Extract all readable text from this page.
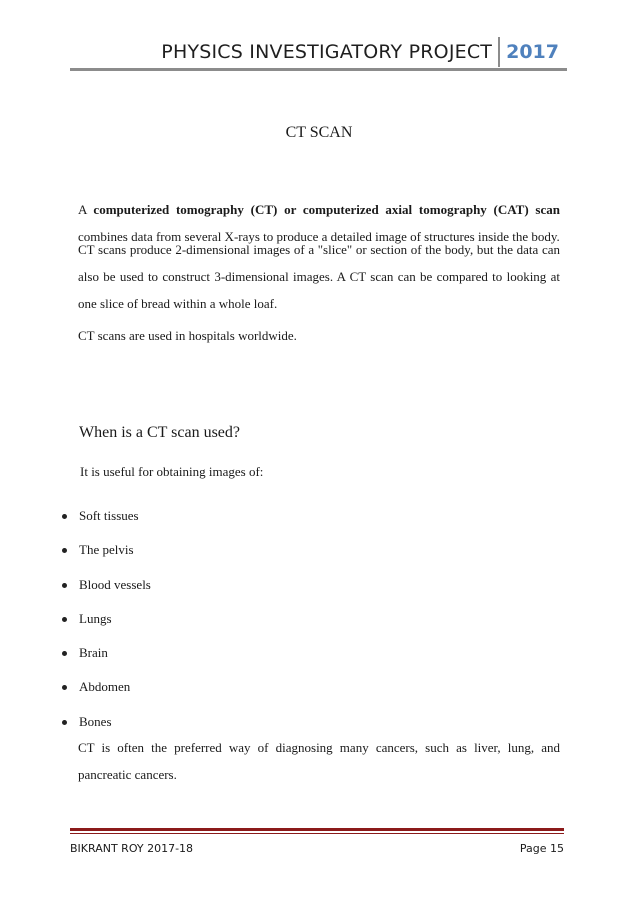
PHYSICS INVESTIGATORY PROJECT 2017
CT SCAN

A computerized tomography (CT) or computerized axial tomography (CAT) scan combines data from several X-rays to produce a detailed image of structures inside the body.

CT scans produce 2-dimensional images of a "slice" or section of the body, but the data can also be used to construct 3-dimensional images. A CT scan can be compared to looking at one slice of bread within a whole loaf.

CT scans are used in hospitals worldwide.

When is a CT scan used?

It is useful for obtaining images of:

Soft tissues
The pelvis
Blood vessels
Lungs
Brain
Abdomen
Bones

CT is often the preferred way of diagnosing many cancers, such as liver, lung, and pancreatic cancers.

BIKRANT ROY 2017-18	Page 15
